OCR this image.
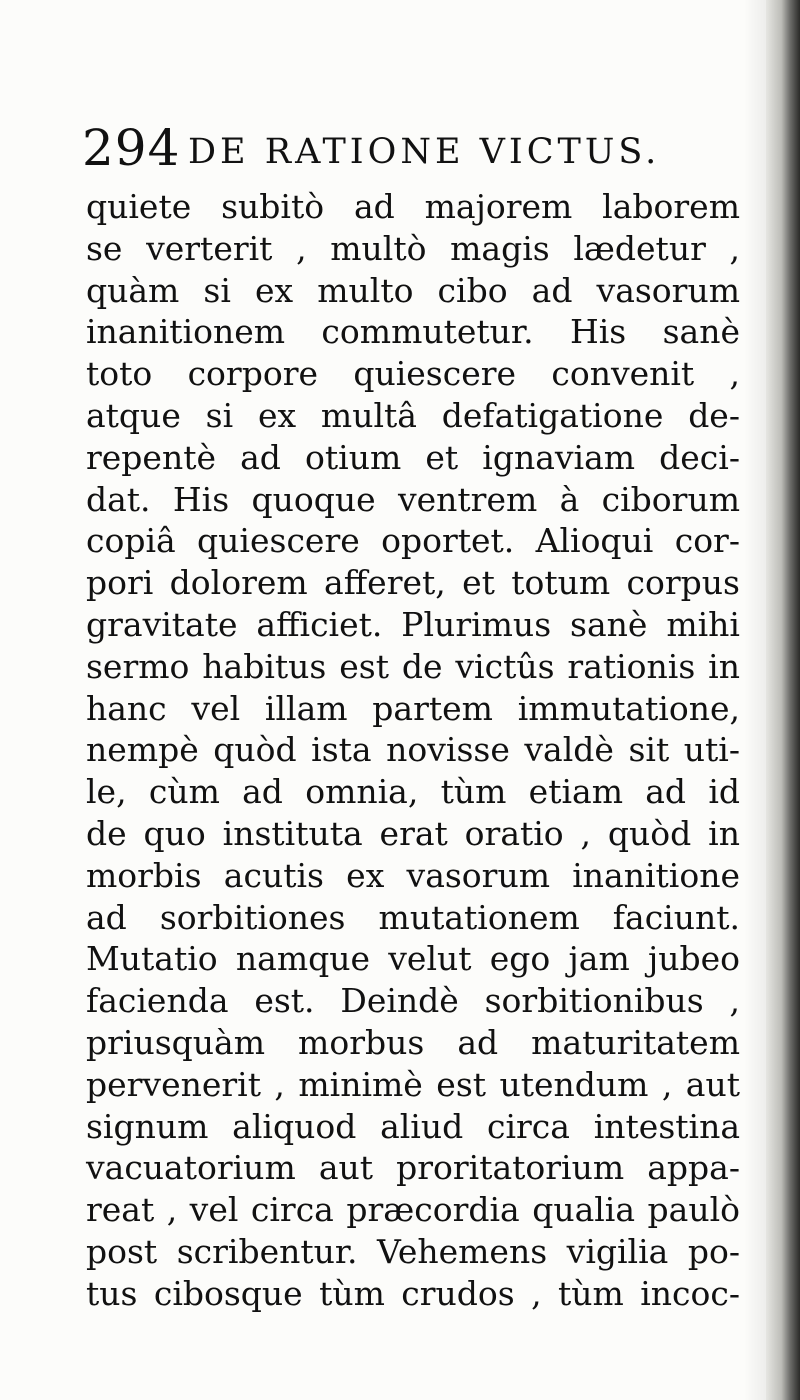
294 DE RATIONE VICTUS.
quiete subitò ad majorem laborem
se verterit , multò magis lædetur ,
quàm si ex multo cibo ad vasorum
inanitionem commutetur. His sanè
toto corpore quiescere convenit ,
atque si ex multâ defatigatione de-
repentè ad otium et ignaviam deci-
dat. His quoque ventrem à ciborum
copiâ quiescere oportet. Alioqui cor-
pori dolorem afferet, et totum corpus
gravitate afficiet. Plurimus sanè mihi
sermo habitus est de victûs rationis in
hanc vel illam partem immutatione,
nempè quòd ista novisse valdè sit uti-
le, cùm ad omnia, tùm etiam ad id
de quo instituta erat oratio , quòd in
morbis acutis ex vasorum inanitione
ad sorbitiones mutationem faciunt.
Mutatio namque velut ego jam jubeo
facienda est. Deindè sorbitionibus ,
priusquàm morbus ad maturitatem
pervenerit , minimè est utendum , aut
signum aliquod aliud circa intestina
vacuatorium aut proritatorium appa-
reat , vel circa præcordia qualia paulò
post scribentur. Vehemens vigilia po-
tus cibosque tùm crudos , tùm incoc-
